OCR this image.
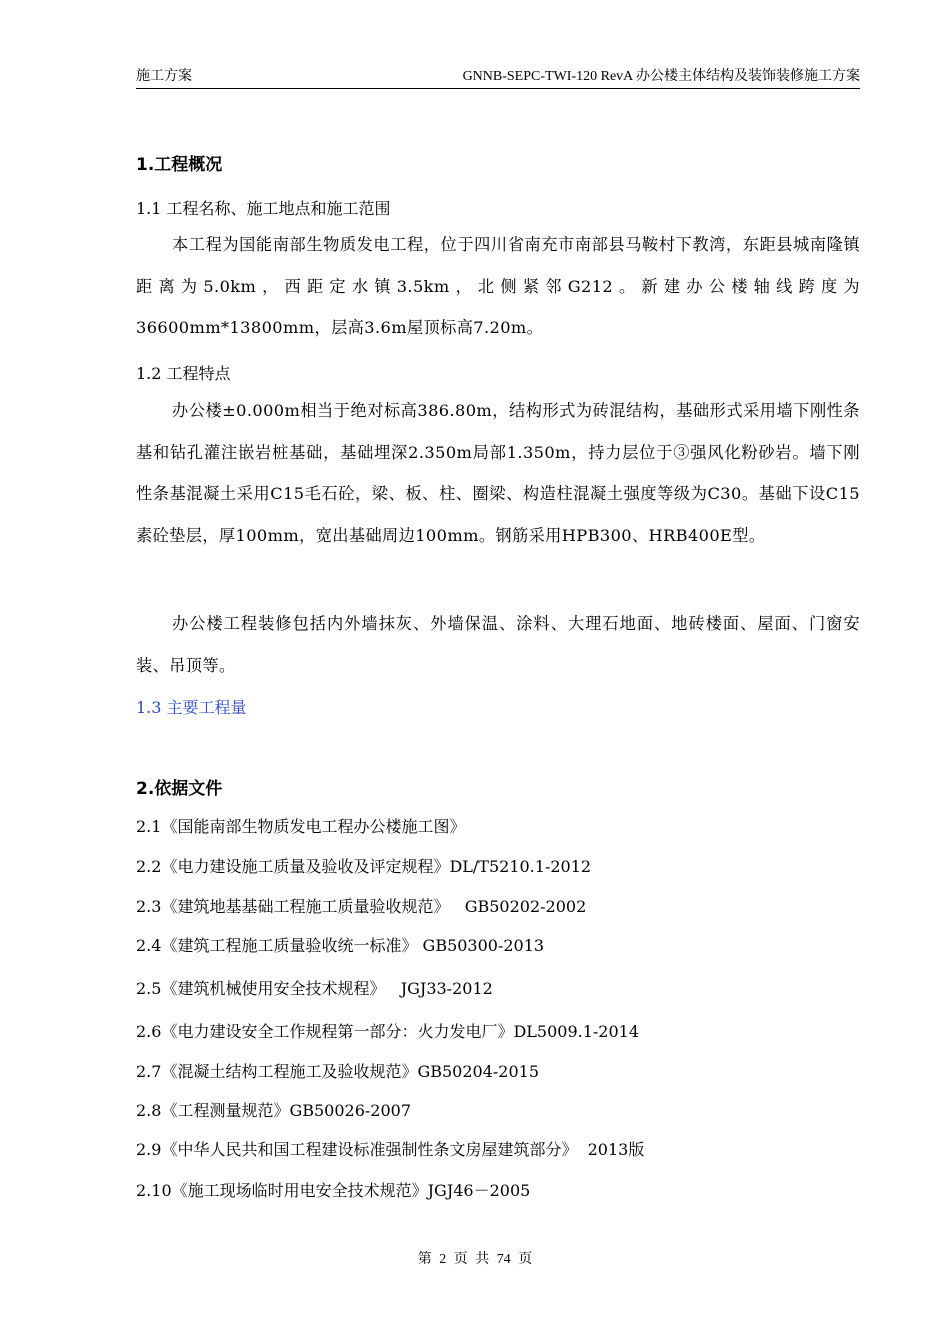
施工方案	GNNB-SEPC-TWI-120 RevA 办公楼主体结构及装饰装修施工方案
1.工程概况
1.1 工程名称、施工地点和施工范围
本工程为国能南部生物质发电工程，位于四川省南充市南部县马鞍村下教湾，东距县城南隆镇距离为5.0km，西距定水镇3.5km，北侧紧邻G212。新建办公楼轴线跨度为36600mm*13800mm，层高3.6m屋顶标高7.20m。
1.2 工程特点
办公楼±0.000m相当于绝对标高386.80m，结构形式为砖混结构，基础形式采用墙下刚性条基和钻孔灌注嵌岩桩基础，基础埋深2.350m局部1.350m，持力层位于③强风化粉砂岩。墙下刚性条基混凝土采用C15毛石砼，梁、板、柱、圈梁、构造柱混凝土强度等级为C30。基础下设C15素砼垫层，厚100mm，宽出基础周边100mm。钢筋采用HPB300、HRB400E型。
办公楼工程装修包括内外墙抹灰、外墙保温、涂料、大理石地面、地砖楼面、屋面、门窗安装、吊顶等。
1.3 主要工程量
2.依据文件
2.1《国能南部生物质发电工程办公楼施工图》
2.2《电力建设施工质量及验收及评定规程》DL/T5210.1-2012
2.3《建筑地基基础工程施工质量验收规范》   GB50202-2002
2.4《建筑工程施工质量验收统一标准》 GB50300-2013
2.5《建筑机械使用安全技术规程》   JGJ33-2012
2.6《电力建设安全工作规程第一部分：火力发电厂》DL5009.1-2014
2.7《混凝土结构工程施工及验收规范》GB50204-2015
2.8《工程测量规范》GB50026-2007
2.9《中华人民共和国工程建设标准强制性条文房屋建筑部分》  2013版
2.10《施工现场临时用电安全技术规范》JGJ46－2005
第 2 页 共 74 页
